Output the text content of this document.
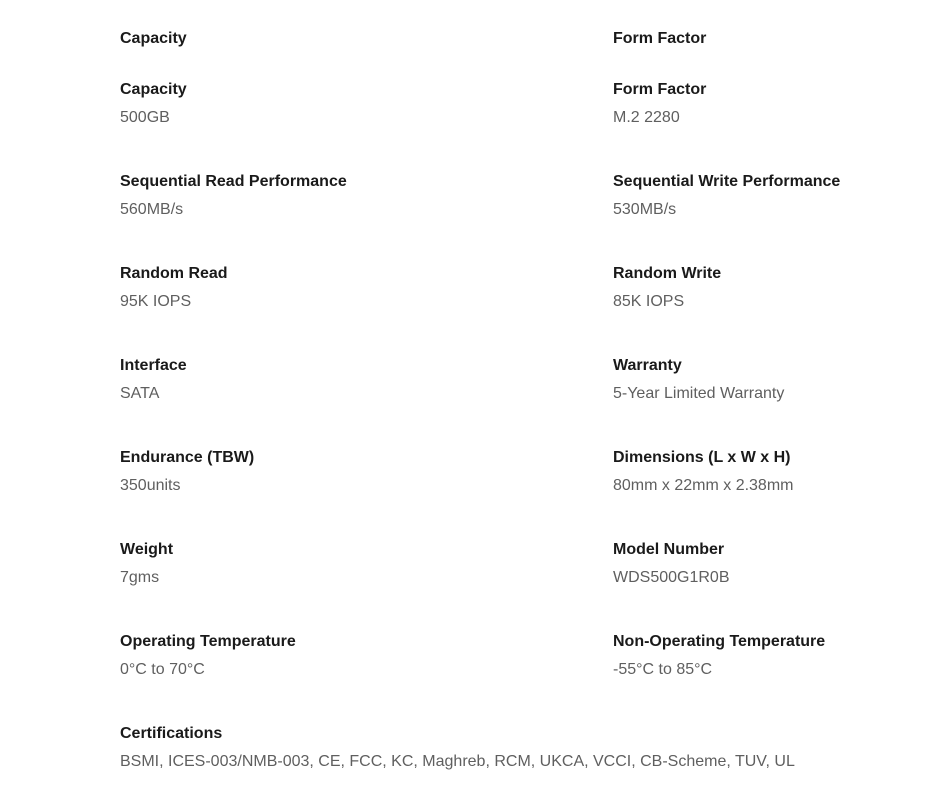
Capacity	Form Factor
Capacity
500GB
Form Factor
M.2 2280
Sequential Read Performance
560MB/s
Sequential Write Performance
530MB/s
Random Read
95K IOPS
Random Write
85K IOPS
Interface
SATA
Warranty
5-Year Limited Warranty
Endurance (TBW)
350units
Dimensions (L x W x H)
80mm x 22mm x 2.38mm
Weight
7gms
Model Number
WDS500G1R0B
Operating Temperature
0°C to 70°C
Non-Operating Temperature
-55°C to 85°C
Certifications
BSMI, ICES-003/NMB-003, CE, FCC, KC, Maghreb, RCM, UKCA, VCCI, CB-Scheme, TUV, UL
